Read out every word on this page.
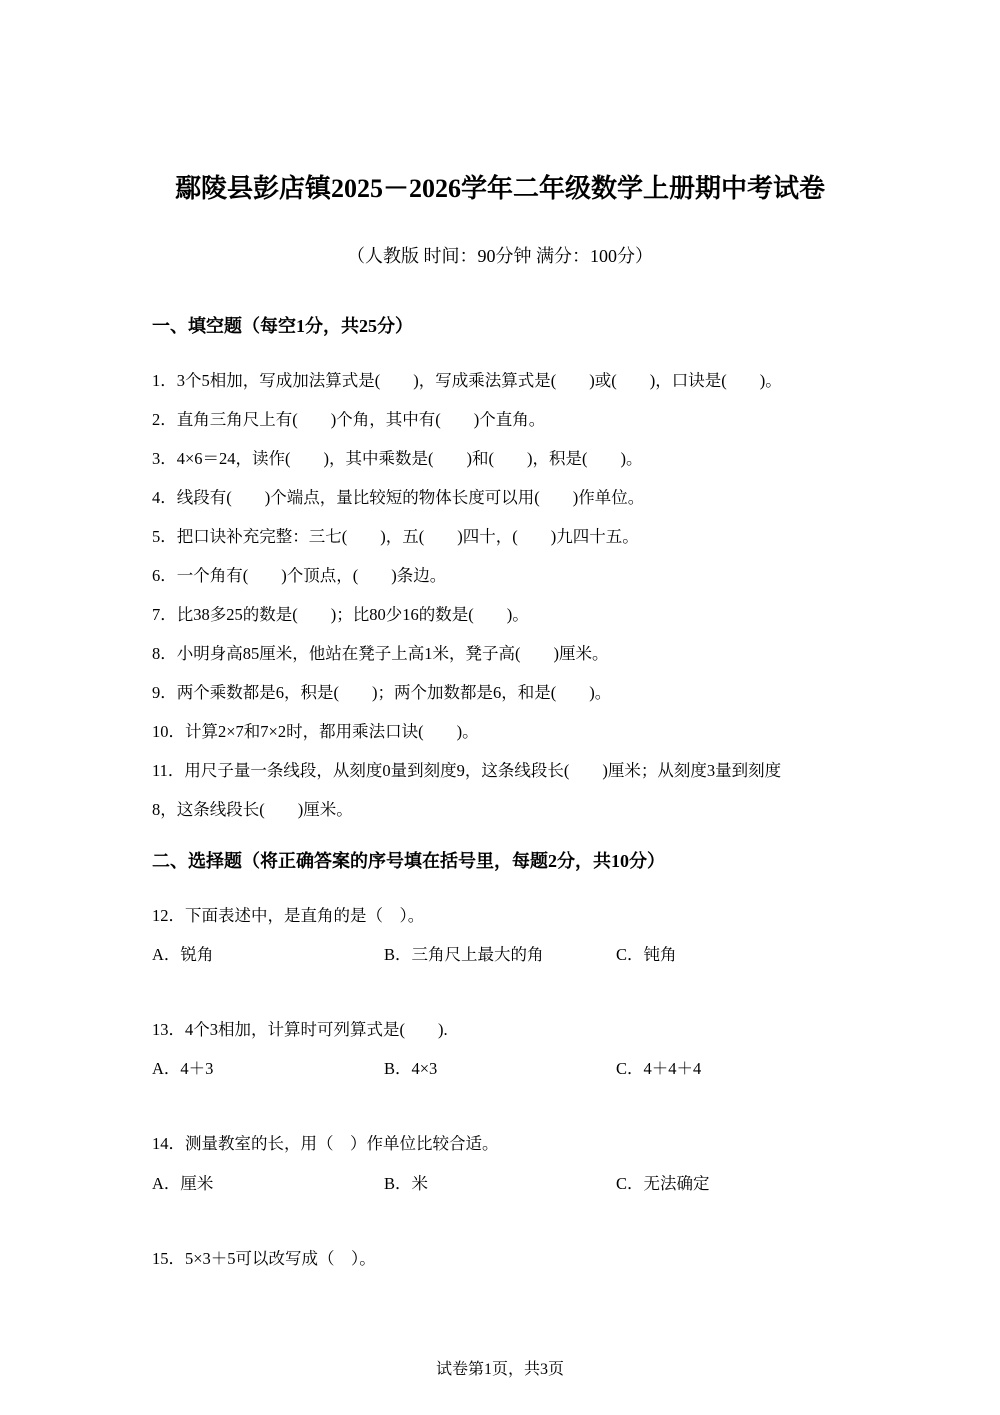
鄢陵县彭店镇2025－2026学年二年级数学上册期中考试卷
（人教版 时间：90分钟 满分：100分）
一、填空题（每空1分，共25分）
1．3个5相加，写成加法算式是(　　)，写成乘法算式是(　　)或(　　)，口诀是(　　)。
2．直角三角尺上有(　　)个角，其中有(　　)个直角。
3．4×6＝24，读作(　　)，其中乘数是(　　)和(　　)，积是(　　)。
4．线段有(　　)个端点，量比较短的物体长度可以用(　　)作单位。
5．把口诀补充完整：三七(　　)，五(　　)四十，(　　)九四十五。
6．一个角有(　　)个顶点，(　　)条边。
7．比38多25的数是(　　)；比80少16的数是(　　)。
8．小明身高85厘米，他站在凳子上高1米，凳子高(　　)厘米。
9．两个乘数都是6，积是(　　)；两个加数都是6，和是(　　)。
10．计算2×7和7×2时，都用乘法口诀(　　)。
11．用尺子量一条线段，从刻度0量到刻度9，这条线段长(　　)厘米；从刻度3量到刻度
8，这条线段长(　　)厘米。
二、选择题（将正确答案的序号填在括号里，每题2分，共10分）
12．下面表述中，是直角的是（　）。
A．锐角	B．三角尺上最大的角	C．钝角
13．4个3相加，计算时可列算式是(　　).
A．4＋3	B．4×3	C．4＋4＋4
14．测量教室的长，用（　）作单位比较合适。
A．厘米	B．米	C．无法确定
15．5×3＋5可以改写成（　）。
试卷第1页，共3页
